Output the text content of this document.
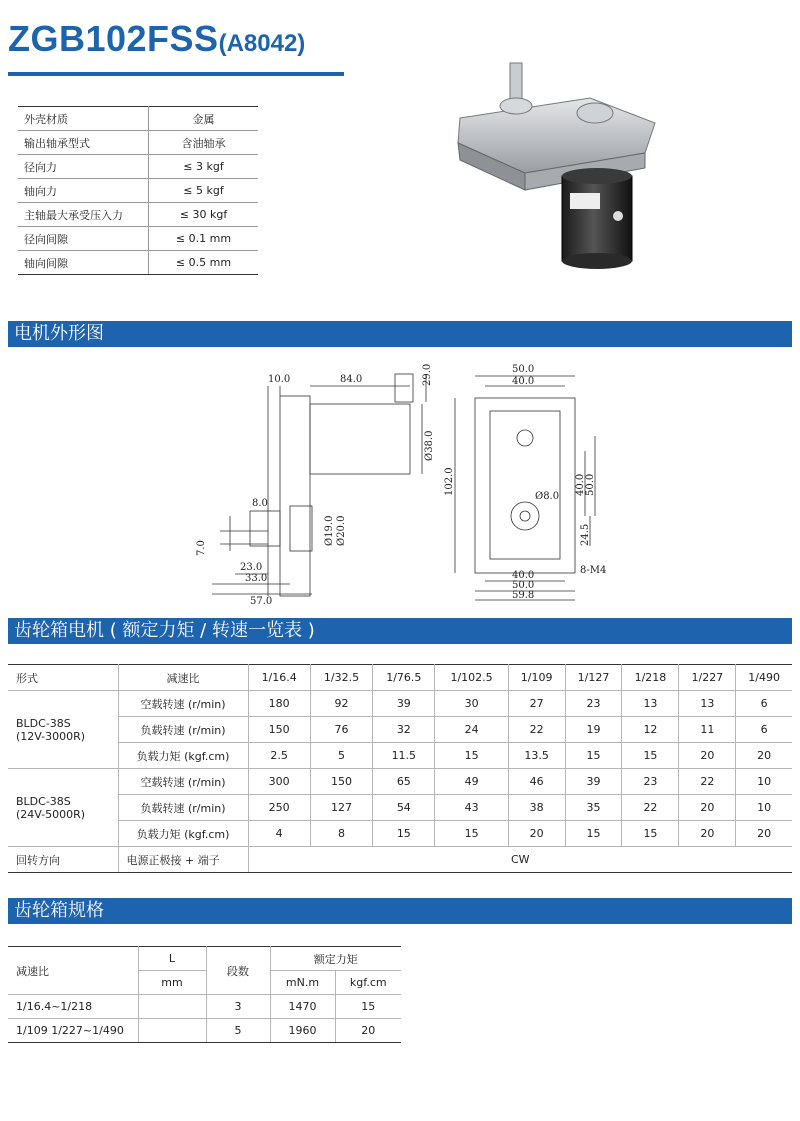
ZGB102FSS(A8042)
外壳材质	金属
输出轴承型式	含油轴承
径向力	≤ 3 kgf
轴向力	≤ 5 kgf
主轴最大承受压入力	≤ 30 kgf
径向间隙	≤ 0.1 mm
轴向间隙	≤ 0.5 mm
电机外形图
10.0	84.0	29.0
Ø38.0
8.0
Ø19.0 Ø20.0
7.0
23.0
33.0
57.0
50.0
40.0
102.0
Ø8.0
40.0 50.0
24.5
8-M4
40.0
50.0
59.8
齿轮箱电机 ( 额定力矩 / 转速一览表 )
形式	减速比	1/16.4	1/32.5	1/76.5	1/102.5	1/109	1/127	1/218	1/227	1/490

BLDC-38S
(12V-3000R)	空载转速 (r/min)	180	92	39	30	27	23	13	13	6
	负载转速 (r/min)	150	76	32	24	22	19	12	11	6
	负载力矩 (kgf.cm)	2.5	5	11.5	15	13.5	15	15	20	20

BLDC-38S
(24V-5000R)	空载转速 (r/min)	300	150	65	49	46	39	23	22	10
	负载转速 (r/min)	250	127	54	43	38	35	22	20	10
	负载力矩 (kgf.cm)	4	8	15	15	20	15	15	20	20
回转方向	电源正极接 + 端子	CW								
齿轮箱规格
减速比	L	段数	额定力矩	
	mm		mN.m	kgf.cm
1/16.4~1/218		3	1470	15
1/109 1/227~1/490		5	1960	20
